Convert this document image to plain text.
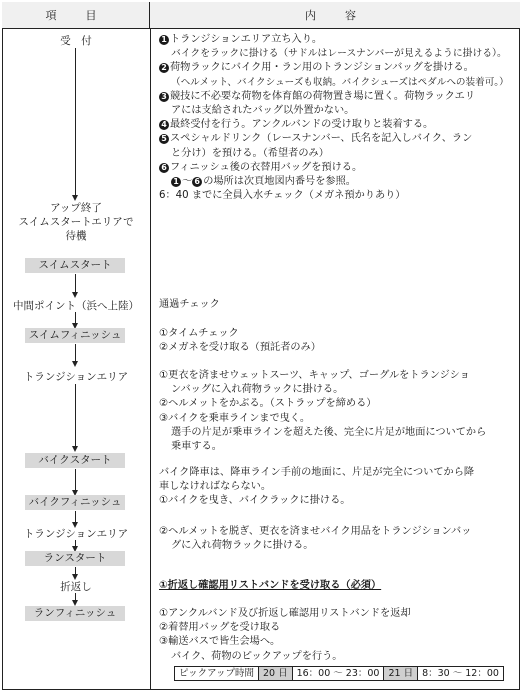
項　目	内　容
受　付
アップ終了
スイムスタートエリアで
待機
スイムスタート
中間ポイント（浜へ上陸）
スイムフィニッシュ
トランジションエリア
バイクスタート
バイクフィニッシュ
トランジションエリア
ランスタート
折返し
ランフィニッシュ
1 トランジションエリア立ち入り。
バイクをラックに掛ける（サドルはレースナンバーが見えるように掛ける）。
2 荷物ラックにバイク用・ラン用のトランジションバッグを掛ける。
（ヘルメット、バイクシューズも収納。バイクシューズはペダルへの装着可。）
3 競技に不必要な荷物を体育館の荷物置き場に置く。荷物ラックエリ
アには支給されたバッグ以外置かない。
4 最終受付を行う。アンクルバンドの受け取りと装着する。
5 スペシャルドリンク（レースナンバー、氏名を記入しバイク、ラン
と分け）を預ける。（希望者のみ）
6 フィニッシュ後の衣替用バッグを預ける。
1 〜 6 の場所は次頁地図内番号を参照。
6：40 までに全員入水チェック（メガネ預かりあり）
通過チェック
①タイムチェック
②メガネを受け取る（預託者のみ）
①更衣を済ませウェットスーツ、キャップ、ゴーグルをトランジショ
ンバッグに入れ荷物ラックに掛ける。
②ヘルメットをかぶる。（ストラップを締める）
③バイクを乗車ラインまで曳く。
選手の片足が乗車ラインを超えた後、完全に片足が地面についてから
乗車する。
バイク降車は、降車ライン手前の地面に、片足が完全についてから降
車しなければならない。
①バイクを曳き、バイクラックに掛ける。
②ヘルメットを脱ぎ、更衣を済ませバイク用品をトランジションバッ
グに入れ荷物ラックに掛ける。
①折返し確認用リストバンドを受け取る（必須）
①アンクルバンド及び折返し確認用リストバンドを返却
②着替用バッグを受け取る
③輸送バスで皆生会場へ。
バイク、荷物のピックアップを行う。
ピックアップ時間 20 日 16：00 〜 23：00 21 日 8：30 〜 12：00
